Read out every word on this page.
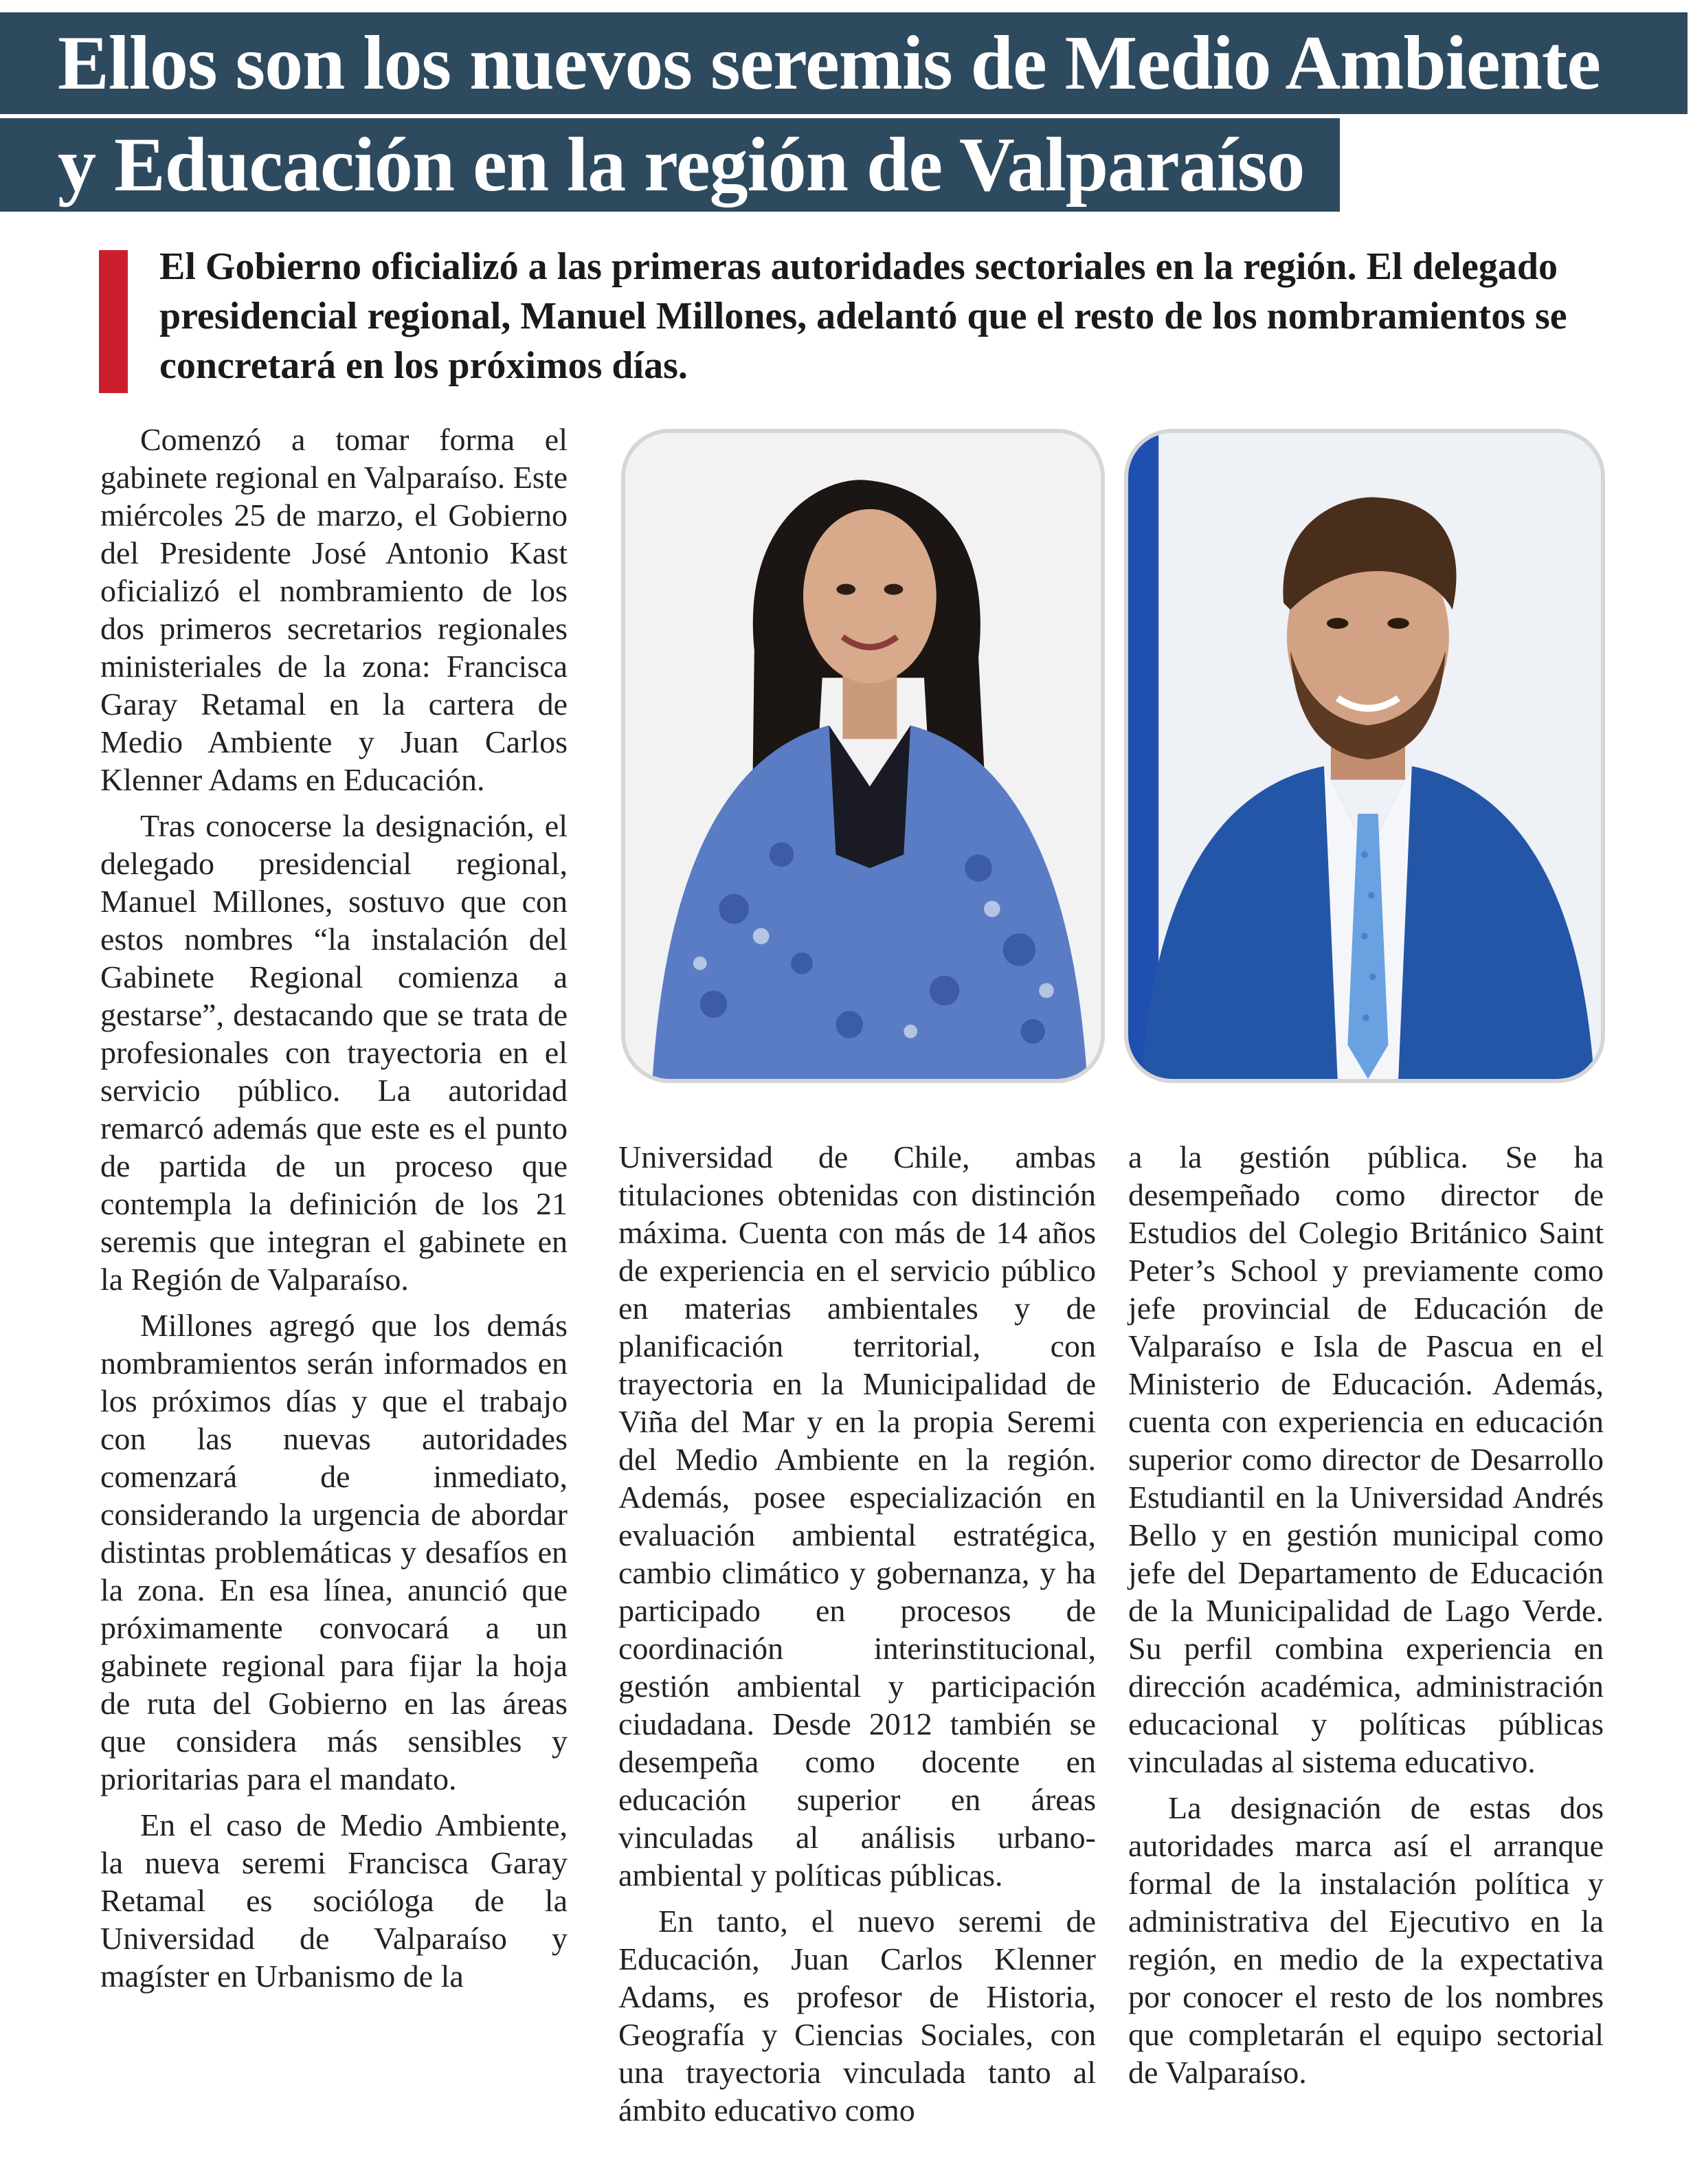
Ellos son los nuevos seremis de Medio Ambiente
y Educación en la región de Valparaíso
El Gobierno oficializó a las primeras autoridades sectoriales en la región. El delegado presidencial regional, Manuel Millones, adelantó que el resto de los nombramientos se concretará en los próximos días.

Comenzó a tomar forma el gabinete regional en Valparaíso. Este miércoles 25 de marzo, el Gobierno del Presidente José Antonio Kast oficializó el nombramiento de los dos primeros secretarios regionales ministeriales de la zona: Francisca Garay Retamal en la cartera de Medio Ambiente y Juan Carlos Klenner Adams en Educación.

Tras conocerse la designación, el delegado presidencial regional, Manuel Millones, sostuvo que con estos nombres “la instalación del Gabinete Regional comienza a gestarse”, destacando que se trata de profesionales con trayectoria en el servicio público. La autoridad remarcó además que este es el punto de partida de un proceso que contempla la definición de los 21 seremis que integran el gabinete en la Región de Valparaíso.

Millones agregó que los demás nombramientos serán informados en los próximos días y que el trabajo con las nuevas autoridades comenzará de inmediato, considerando la urgencia de abordar distintas problemáticas y desafíos en la zona. En esa línea, anunció que próximamente convocará a un gabinete regional para fijar la hoja de ruta del Gobierno en las áreas que considera más sensibles y prioritarias para el mandato.

En el caso de Medio Ambiente, la nueva seremi Francisca Garay Retamal es socióloga de la Universidad de Valparaíso y magíster en Urbanismo de la

Universidad de Chile, ambas titulaciones obtenidas con distinción máxima. Cuenta con más de 14 años de experiencia en el servicio público en materias ambientales y de planificación territorial, con trayectoria en la Municipalidad de Viña del Mar y en la propia Seremi del Medio Ambiente en la región. Además, posee especialización en evaluación ambiental estratégica, cambio climático y gobernanza, y ha participado en procesos de coordinación interinstitucional, gestión ambiental y participación ciudadana. Desde 2012 también se desempeña como docente en educación superior en áreas vinculadas al análisis urbano-ambiental y políticas públicas.

En tanto, el nuevo seremi de Educación, Juan Carlos Klenner Adams, es profesor de Historia, Geografía y Ciencias Sociales, con una trayectoria vinculada tanto al ámbito educativo como

a la gestión pública. Se ha desempeñado como director de Estudios del Colegio Británico Saint Peter’s School y previamente como jefe provincial de Educación de Valparaíso e Isla de Pascua en el Ministerio de Educación. Además, cuenta con experiencia en educación superior como director de Desarrollo Estudiantil en la Universidad Andrés Bello y en gestión municipal como jefe del Departamento de Educación de la Municipalidad de Lago Verde. Su perfil combina experiencia en dirección académica, administración educacional y políticas públicas vinculadas al sistema educativo.

La designación de estas dos autoridades marca así el arranque formal de la instalación política y administrativa del Ejecutivo en la región, en medio de la expectativa por conocer el resto de los nombres que completarán el equipo sectorial de Valparaíso.
